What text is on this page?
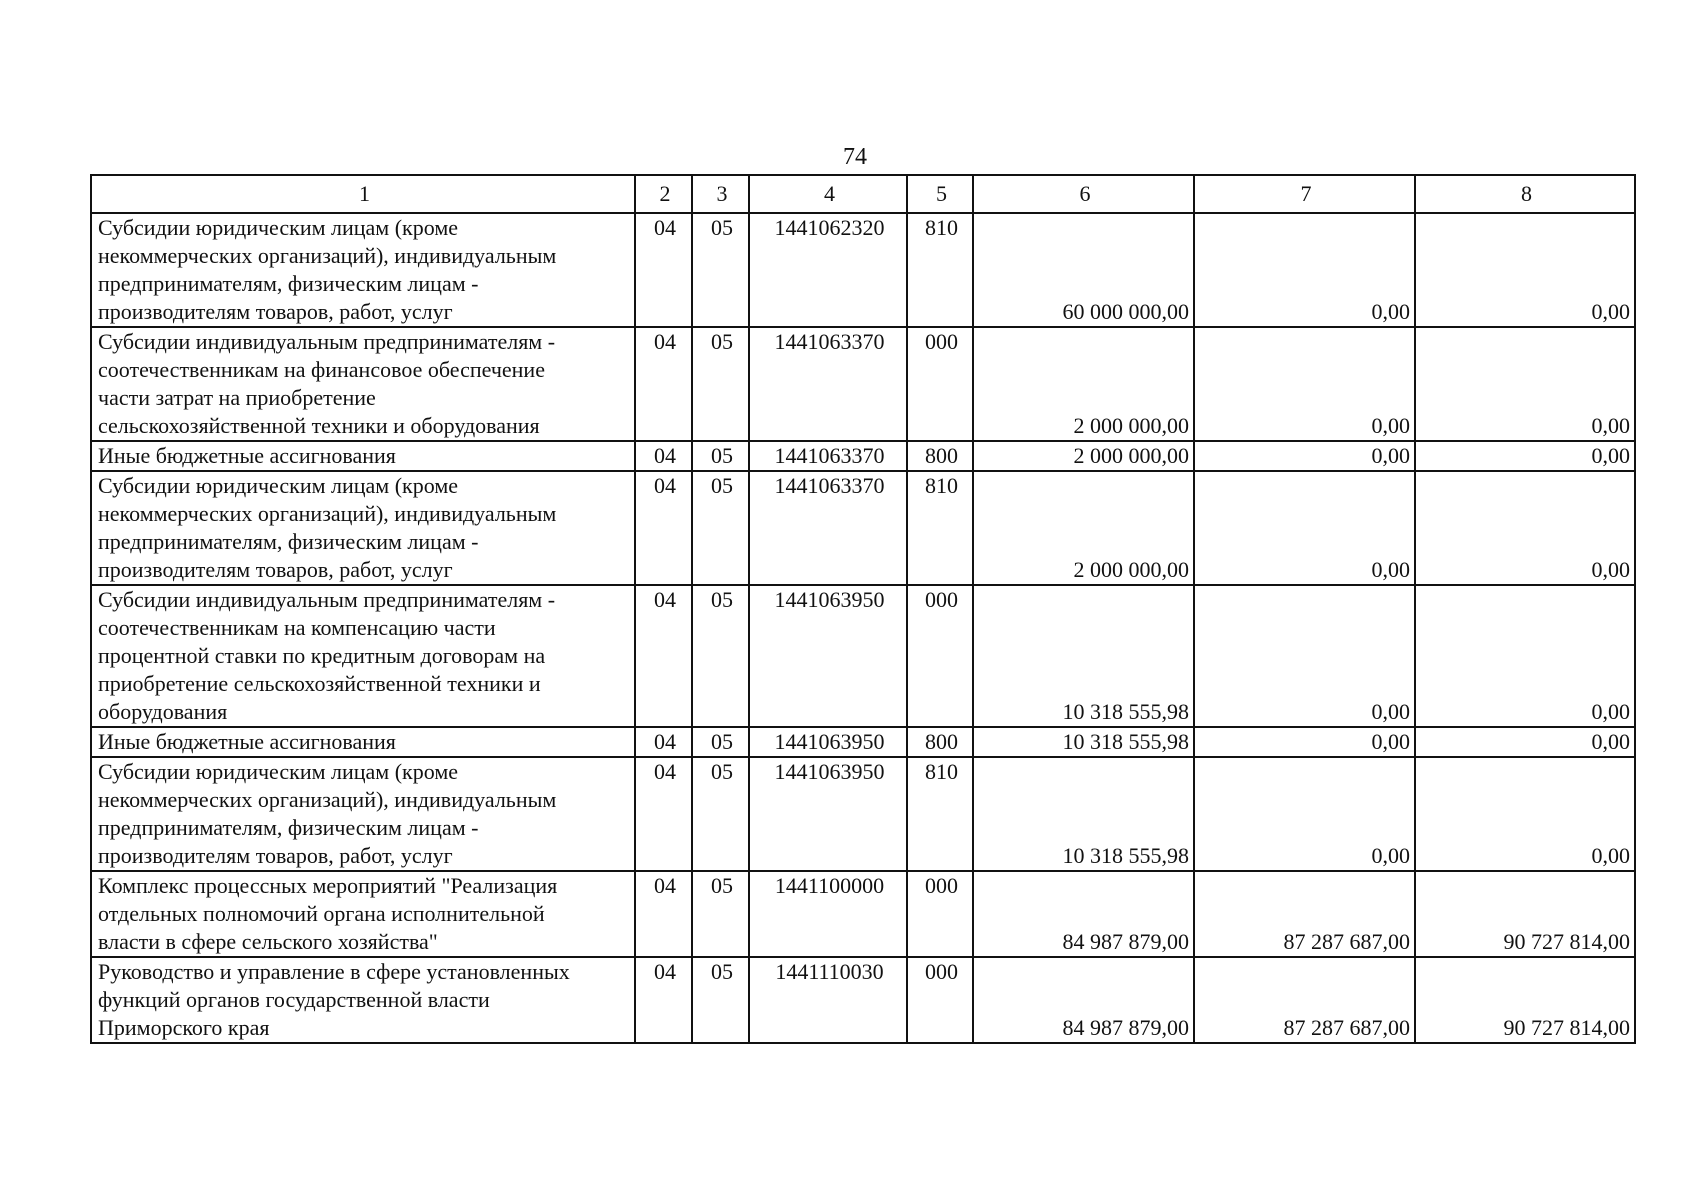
74
1	2	3	4	5	6	7	8
Субсидии юридическим лицам (кроме
некоммерческих организаций), индивидуальным
предпринимателям, физическим лицам -
производителям товаров, работ, услуг	04	05	1441062320	810	60 000 000,00	0,00	0,00
Субсидии индивидуальным предпринимателям -
соотечественникам на финансовое обеспечение
части затрат на приобретение
сельскохозяйственной техники и оборудования	04	05	1441063370	000	2 000 000,00	0,00	0,00
Иные бюджетные ассигнования	04	05	1441063370	800	2 000 000,00	0,00	0,00
Субсидии юридическим лицам (кроме
некоммерческих организаций), индивидуальным
предпринимателям, физическим лицам -
производителям товаров, работ, услуг	04	05	1441063370	810	2 000 000,00	0,00	0,00
Субсидии индивидуальным предпринимателям -
соотечественникам на компенсацию части
процентной ставки по кредитным договорам на
приобретение сельскохозяйственной техники и
оборудования	04	05	1441063950	000	10 318 555,98	0,00	0,00
Иные бюджетные ассигнования	04	05	1441063950	800	10 318 555,98	0,00	0,00
Субсидии юридическим лицам (кроме
некоммерческих организаций), индивидуальным
предпринимателям, физическим лицам -
производителям товаров, работ, услуг	04	05	1441063950	810	10 318 555,98	0,00	0,00
Комплекс процессных мероприятий "Реализация
отдельных полномочий органа исполнительной
власти в сфере сельского хозяйства"	04	05	1441100000	000	84 987 879,00	87 287 687,00	90 727 814,00
Руководство и управление в сфере установленных
функций органов государственной власти
Приморского края	04	05	1441110030	000	84 987 879,00	87 287 687,00	90 727 814,00
